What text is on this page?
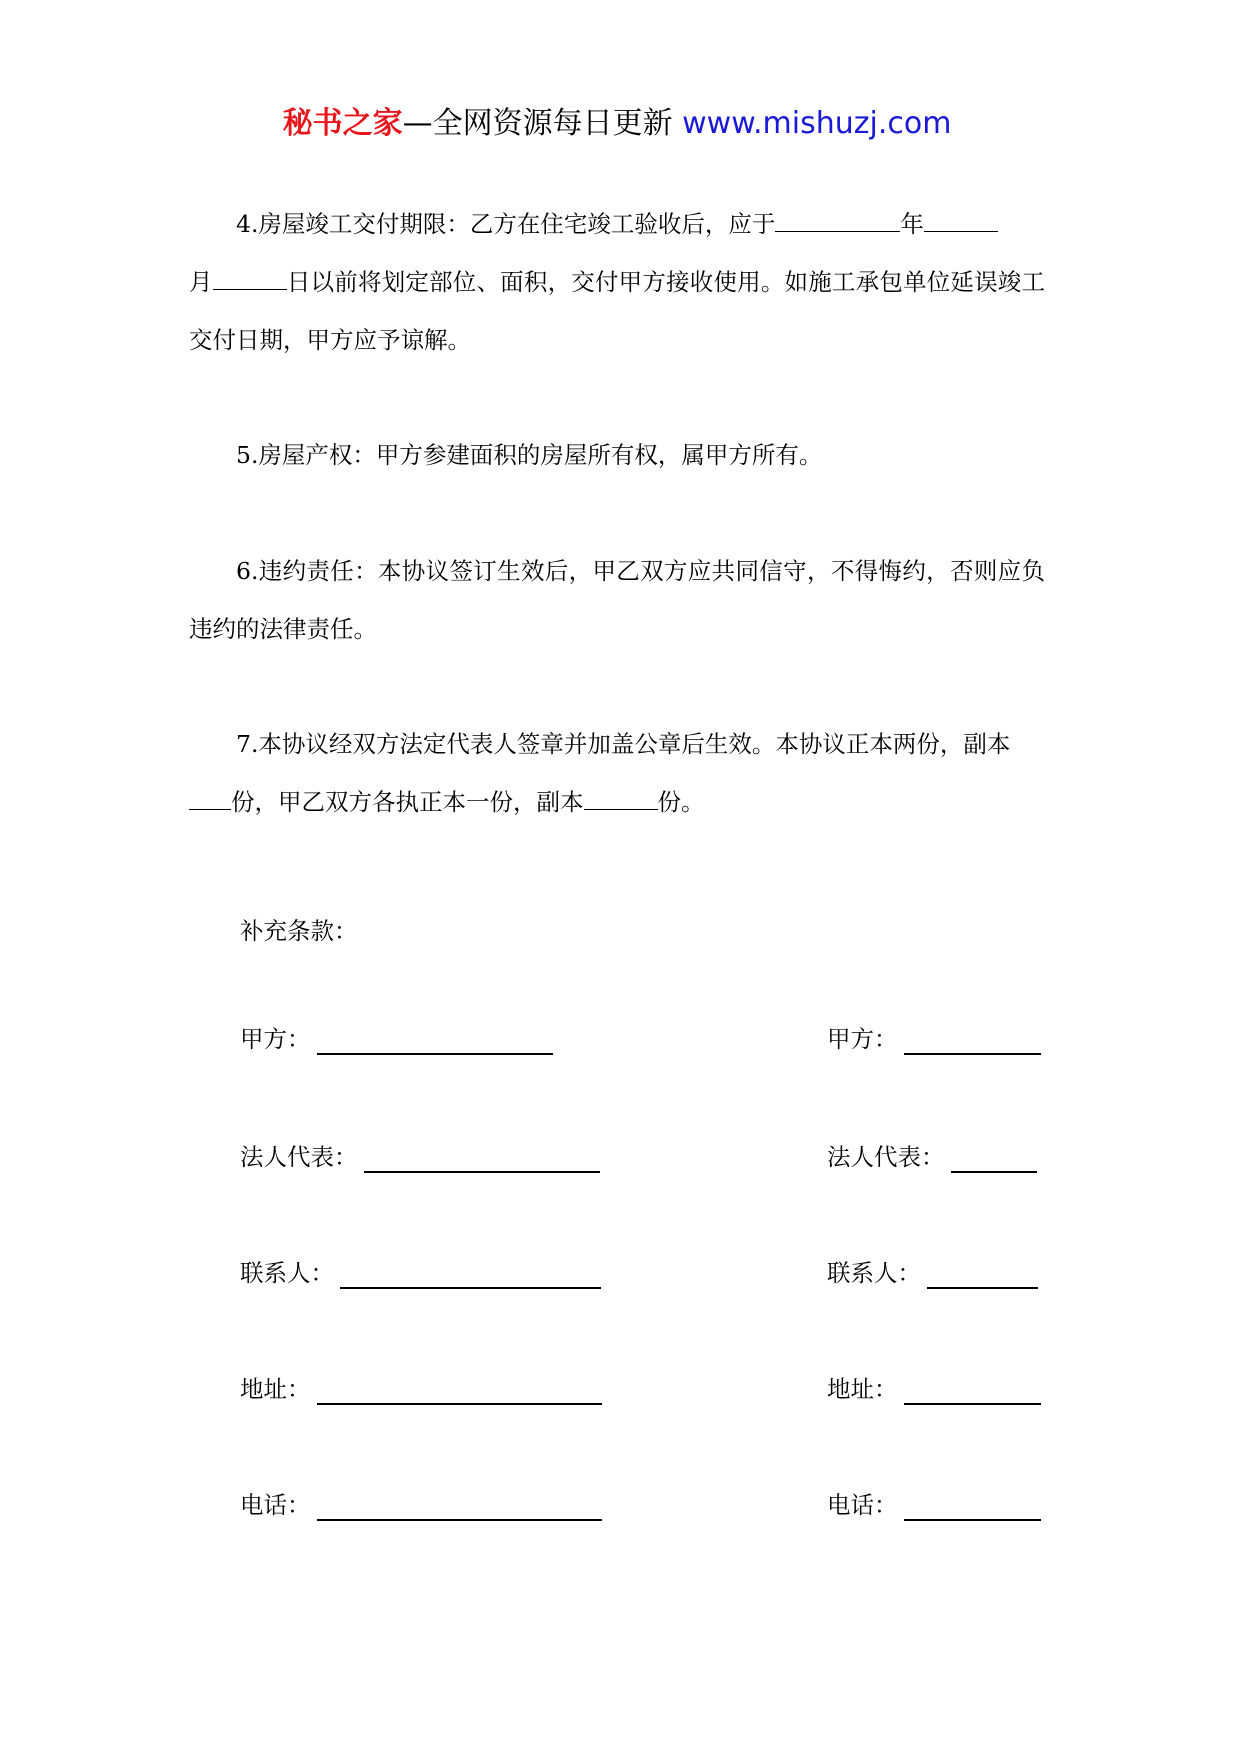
秘书之家—全网资源每日更新 www.mishuzj.com
4.房屋竣工交付期限：乙方在住宅竣工验收后，应于	年
月	日以前将划定部位、面积，交付甲方接收使用。如施工承包单位延误竣工交付日期，甲方应予谅解。
5.房屋产权：甲方参建面积的房屋所有权，属甲方所有。
6.违约责任：本协议签订生效后，甲乙双方应共同信守，不得悔约，否则应负违约的法律责任。
7.本协议经双方法定代表人签章并加盖公章后生效。本协议正本两份，副本
份，甲乙双方各执正本一份，副本	份。
补充条款：
甲方：
法人代表：
联系人：
地址：
电话：
甲方：
法人代表：
联系人：
地址：
电话：
